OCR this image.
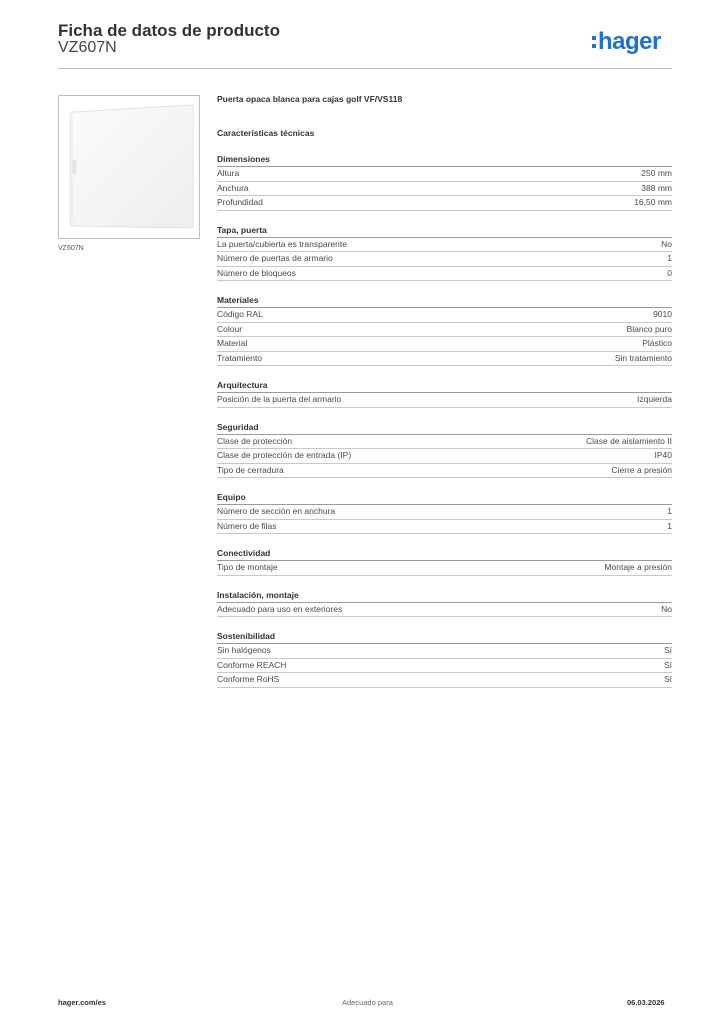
Ficha de datos de producto
VZ607N	hager
VZ607N
Puerta opaca blanca para cajas golf VF/VS118
Características técnicas
Dimensiones
Altura	250 mm
Anchura	388 mm
Profundidad	16,50 mm
Tapa, puerta
La puerta/cubierta es transparente	No
Número de puertas de armario	1
Número de bloqueos	0
Materiales
Código RAL	9010
Colour	Blanco puro
Material	Plástico
Tratamiento	Sin tratamiento
Arquitectura
Posición de la puerta del armario	Izquierda
Seguridad
Clase de protección	Clase de aislamiento II
Clase de protección de entrada (IP)	IP40
Tipo de cerradura	Cierre a presión
Equipo
Número de sección en anchura	1
Número de filas	1
Conectividad
Tipo de montaje	Montaje a presión
Instalación, montaje
Adecuado para uso en exteriores	No
Sostenibilidad
Sin halógenos	Sí
Conforme REACH	Sí
Conforme RoHS	Sí
hager.com/es	Adecuado para	06.03.2026
